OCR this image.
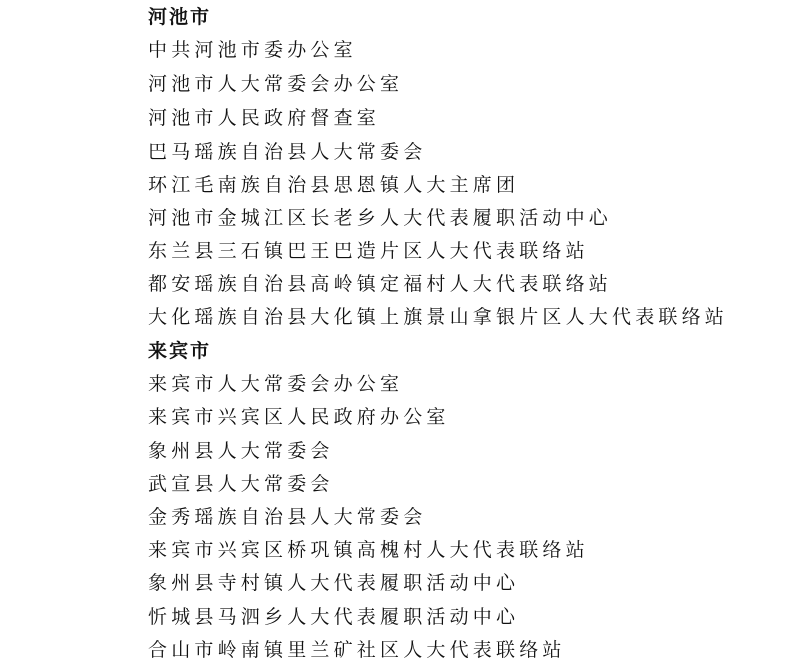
河池市
中共河池市委办公室
河池市人大常委会办公室
河池市人民政府督查室
巴马瑶族自治县人大常委会
环江毛南族自治县思恩镇人大主席团
河池市金城江区长老乡人大代表履职活动中心
东兰县三石镇巴王巴造片区人大代表联络站
都安瑶族自治县高岭镇定福村人大代表联络站
大化瑶族自治县大化镇上旗景山拿银片区人大代表联络站
来宾市
来宾市人大常委会办公室
来宾市兴宾区人民政府办公室
象州县人大常委会
武宣县人大常委会
金秀瑶族自治县人大常委会
来宾市兴宾区桥巩镇高槐村人大代表联络站
象州县寺村镇人大代表履职活动中心
忻城县马泗乡人大代表履职活动中心
合山市岭南镇里兰矿社区人大代表联络站
